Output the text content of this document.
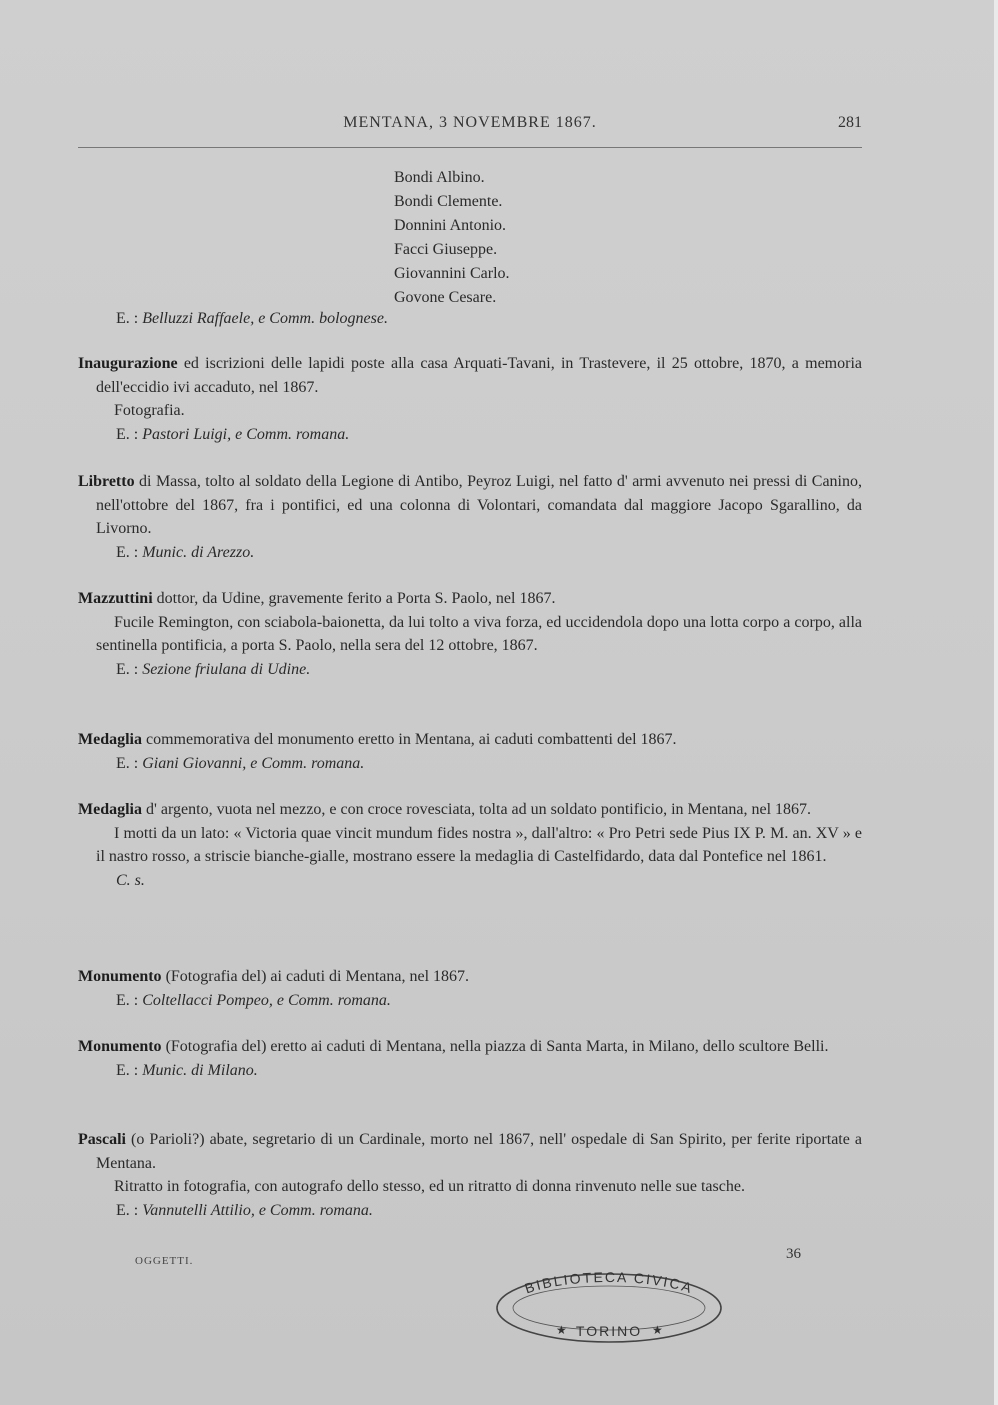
MENTANA, 3 NOVEMBRE 1867.	281
Bondi Albino.
Bondi Clemente.
Donnini Antonio.
Facci Giuseppe.
Giovannini Carlo.
Govone Cesare.
E. : Belluzzi Raffaele, e Comm. bolognese.

Inaugurazione ed iscrizioni delle lapidi poste alla casa Arquati-Tavani, in Trastevere, il 25 ottobre, 1870, a memoria dell'eccidio ivi accaduto, nel 1867.

Fotografia.

E. : Pastori Luigi, e Comm. romana.

Libretto di Massa, tolto al soldato della Legione di Antibo, Peyroz Luigi, nel fatto d' armi avvenuto nei pressi di Canino, nell'ottobre del 1867, fra i pontifici, ed una colonna di Volontari, comandata dal maggiore Jacopo Sgarallino, da Livorno.

E. : Munic. di Arezzo.

Mazzuttini dottor, da Udine, gravemente ferito a Porta S. Paolo, nel 1867.

Fucile Remington, con sciabola-baionetta, da lui tolto a viva forza, ed uccidendola dopo una lotta corpo a corpo, alla sentinella pontificia, a porta S. Paolo, nella sera del 12 ottobre, 1867.

E. : Sezione friulana di Udine.

Medaglia commemorativa del monumento eretto in Mentana, ai caduti combattenti del 1867.

E. : Giani Giovanni, e Comm. romana.

Medaglia d' argento, vuota nel mezzo, e con croce rovesciata, tolta ad un soldato pontificio, in Mentana, nel 1867.

I motti da un lato: « Victoria quae vincit mundum fides nostra », dall'altro: « Pro Petri sede Pius IX P. M. an. XV » e il nastro rosso, a striscie bianche-gialle, mostrano essere la medaglia di Castelfidardo, data dal Pontefice nel 1861.

C. s.

Monumento (Fotografia del) ai caduti di Mentana, nel 1867.

E. : Coltellacci Pompeo, e Comm. romana.

Monumento (Fotografia del) eretto ai caduti di Mentana, nella piazza di Santa Marta, in Milano, dello scultore Belli.

E. : Munic. di Milano.

Pascali (o Parioli?) abate, segretario di un Cardinale, morto nel 1867, nell' ospedale di San Spirito, per ferite riportate a Mentana.

Ritratto in fotografia, con autografo dello stesso, ed un ritratto di donna rinvenuto nelle sue tasche.

E. : Vannutelli Attilio, e Comm. romana.
OGGETTI.	36
BIBLIOTECA CIVICA
TORINO
★	★
